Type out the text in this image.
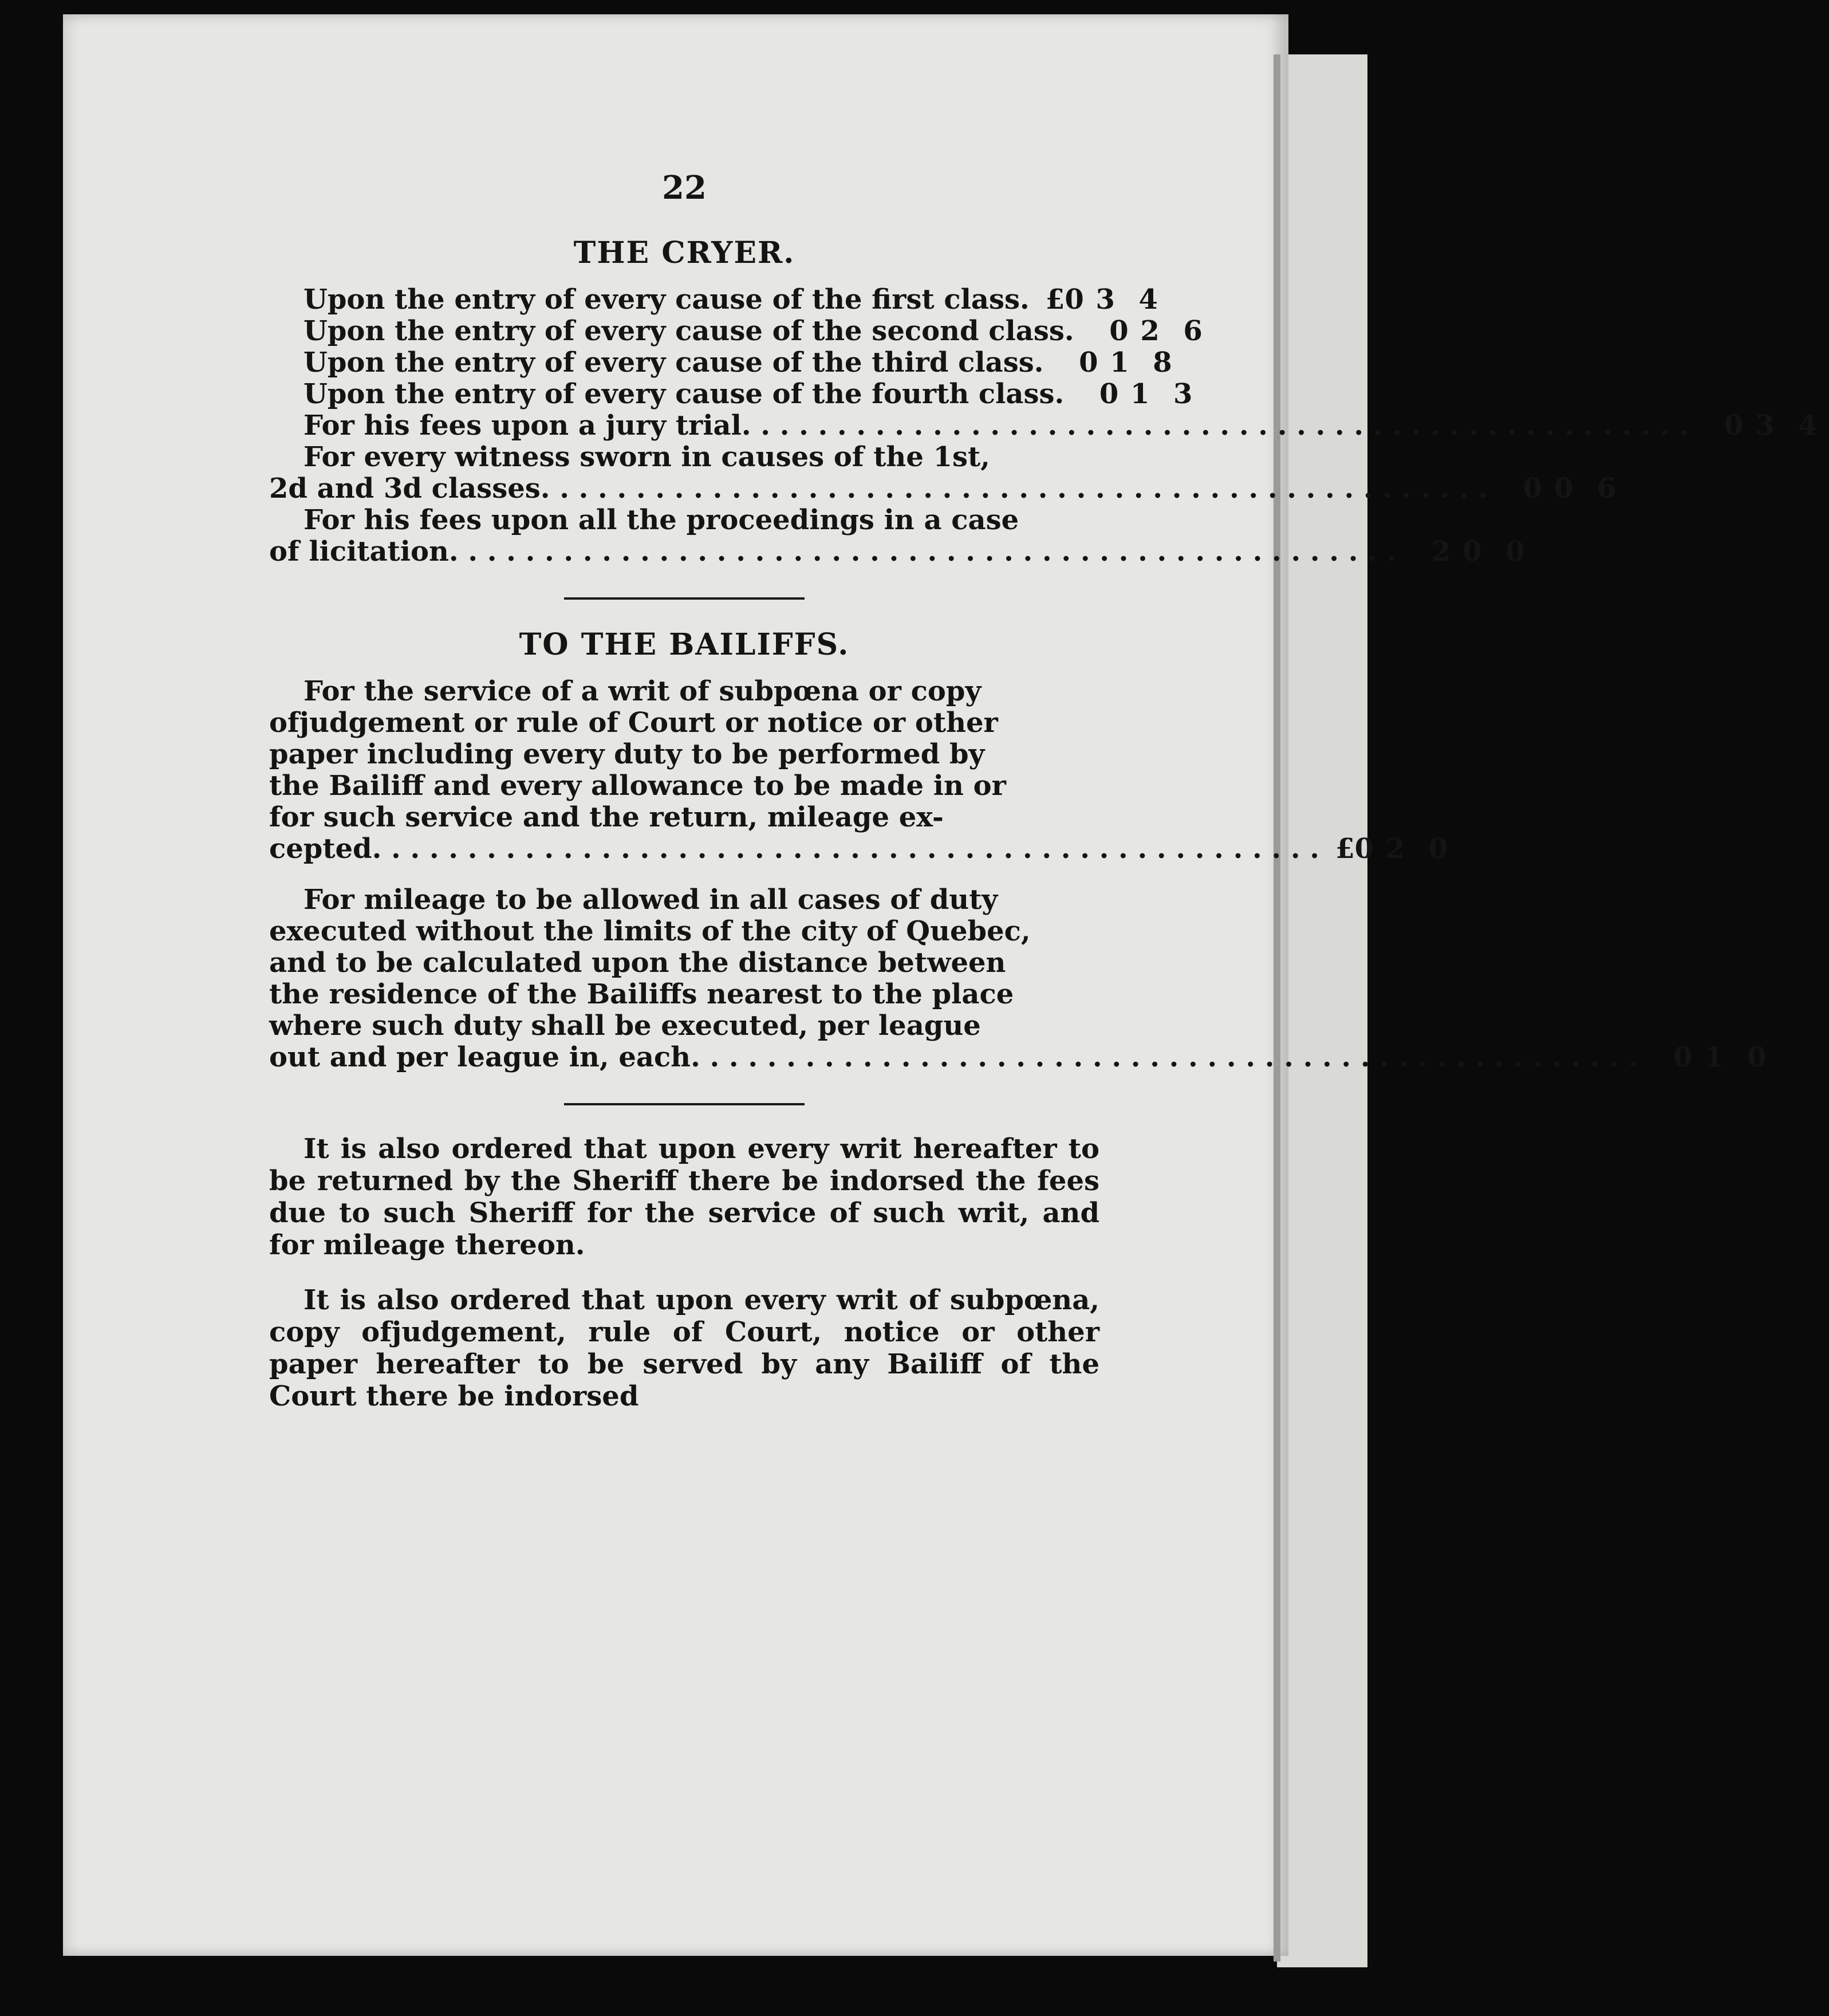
22
THE CRYER.
Upon the entry of every cause of the first class. £0 3 4
Upon the entry of every cause of the second class.	0 2 6
Upon the entry of every cause of the third class.	0 1 8
Upon the entry of every cause of the fourth class.	0 1 3
For his fees upon a jury trial. . . .	0 3 4
For every witness sworn in causes of the 1st,
2d and 3d classes. . . .	0 0 6
For his fees upon all the proceedings in a case
of licitation. . . .	2 0 0
TO THE BAILIFFS.
For the service of a writ of subpœna or copy
ofjudgement or rule of Court or notice or other
paper including every duty to be performed by
the Bailiff and every allowance to be made in or
for such service and the return, mileage ex-
cepted. . . .	£0 2 0
For mileage to be allowed in all cases of duty
executed without the limits of the city of Quebec,
and to be calculated upon the distance between
the residence of the Bailiffs nearest to the place
where such duty shall be executed, per league
out and per league in, each. . . .	0 1 0

It is also ordered that upon every writ hereafter to be returned by the Sheriff there be indorsed the fees due to such Sheriff for the service of such writ, and for mileage thereon.

It is also ordered that upon every writ of subpœna, copy ofjudgement, rule of Court, notice or other paper hereafter to be served by any Bailiff of the Court there be indorsed
